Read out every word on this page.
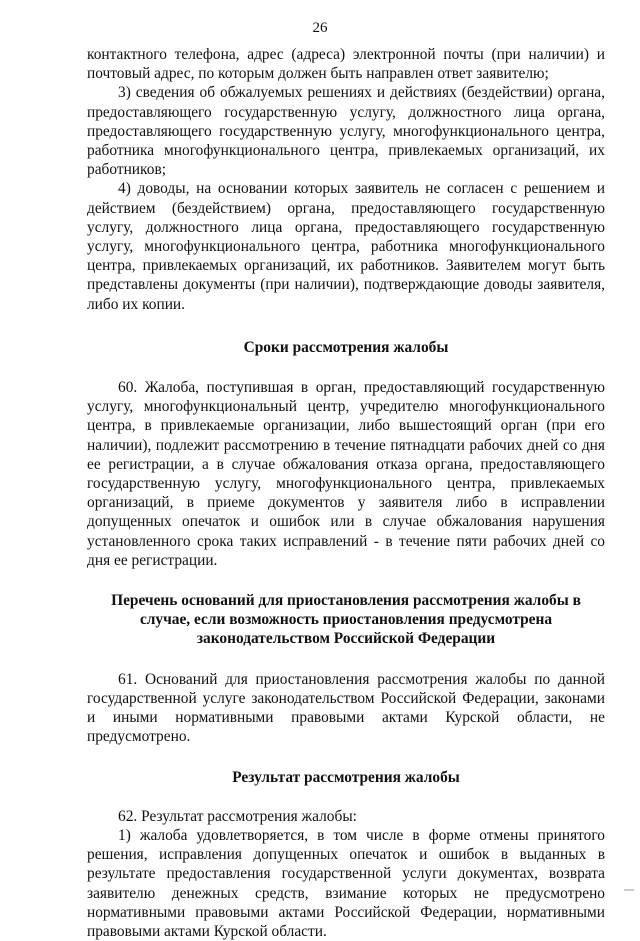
26

контактного телефона, адрес (адреса) электронной почты (при наличии) и почтовый адрес, по которым должен быть направлен ответ заявителю;

3) сведения об обжалуемых решениях и действиях (бездействии) органа, предоставляющего государственную услугу, должностного лица органа, предоставляющего государственную услугу, многофункционального центра, работника многофункционального центра, привлекаемых организаций, их работников;

4) доводы, на основании которых заявитель не согласен с решением и действием (бездействием) органа, предоставляющего государственную услугу, должностного лица органа, предоставляющего государственную услугу, многофункционального центра, работника многофункционального центра, привлекаемых организаций, их работников. Заявителем могут быть представлены документы (при наличии), подтверждающие доводы заявителя, либо их копии.

Сроки рассмотрения жалобы

60. Жалоба, поступившая в орган, предоставляющий государственную услугу, многофункциональный центр, учредителю многофункционального центра, в привлекаемые организации, либо вышестоящий орган (при его наличии), подлежит рассмотрению в течение пятнадцати рабочих дней со дня ее регистрации, а в случае обжалования отказа органа, предоставляющего государственную услугу, многофункционального центра, привлекаемых организаций, в приеме документов у заявителя либо в исправлении допущенных опечаток и ошибок или в случае обжалования нарушения установленного срока таких исправлений - в течение пяти рабочих дней со дня ее регистрации.

Перечень оснований для приостановления рассмотрения жалобы в случае, если возможность приостановления предусмотрена законодательством Российской Федерации

61. Оснований для приостановления рассмотрения жалобы по данной государственной услуге законодательством Российской Федерации, законами и иными нормативными правовыми актами Курской области, не предусмотрено.

Результат рассмотрения жалобы

62. Результат рассмотрения жалобы:

1) жалоба удовлетворяется, в том числе в форме отмены принятого решения, исправления допущенных опечаток и ошибок в выданных в результате предоставления государственной услуги документах, возврата заявителю денежных средств, взимание которых не предусмотрено нормативными правовыми актами Российской Федерации, нормативными правовыми актами Курской области.
